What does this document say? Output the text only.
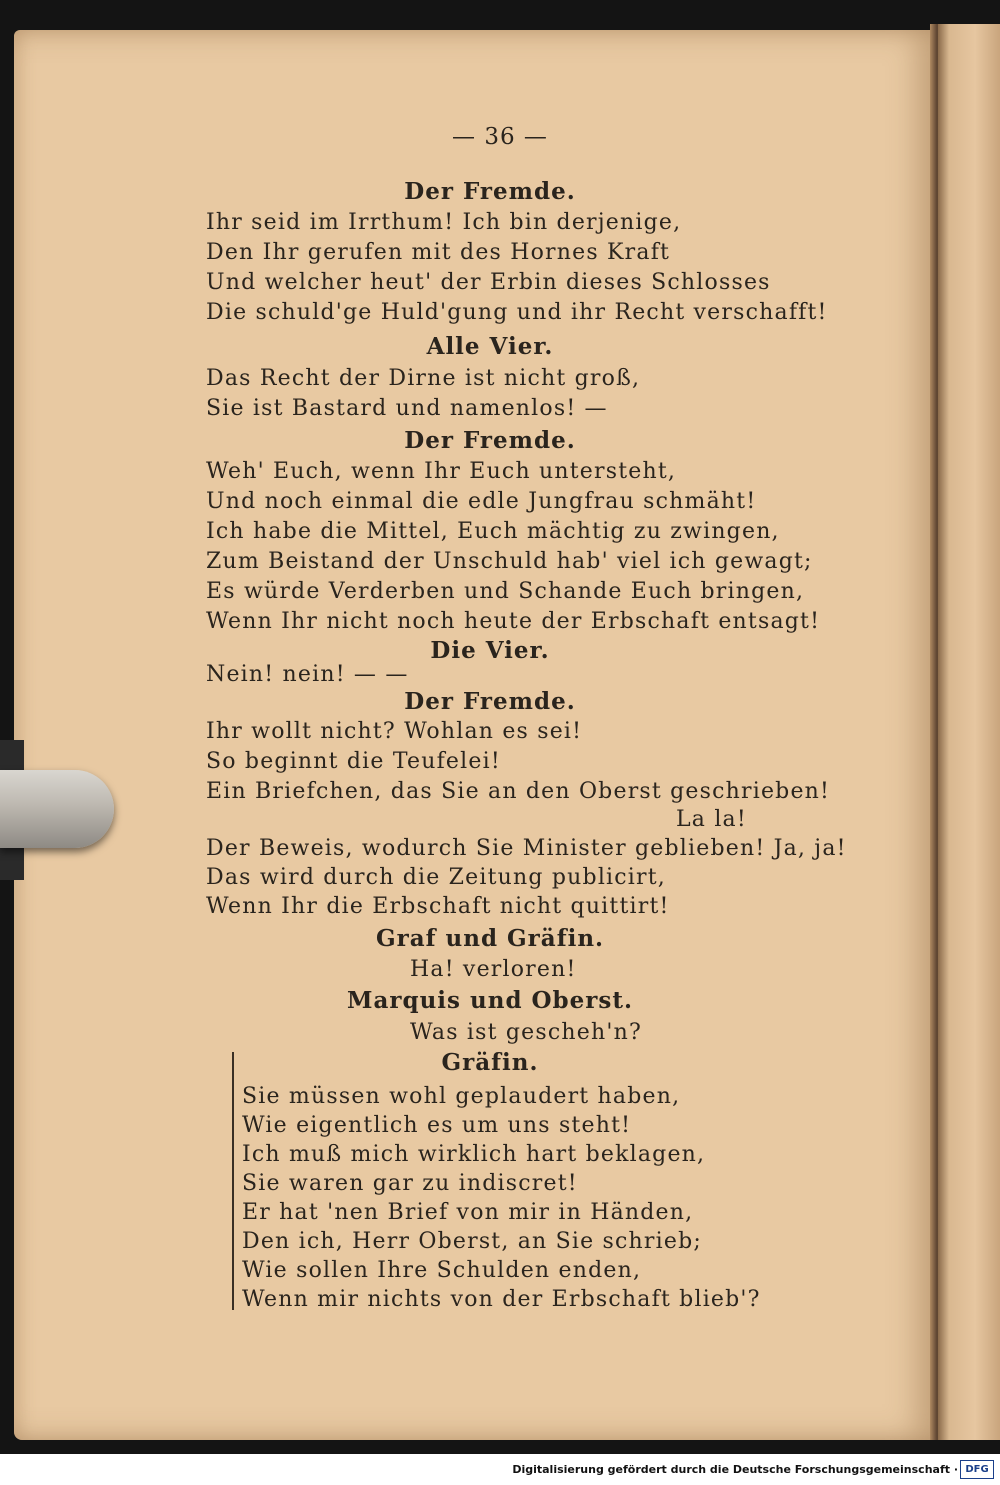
— 36 —
Der Fremde.
Ihr seid im Irrthum! Ich bin derjenige,
Den Ihr gerufen mit des Hornes Kraft
Und welcher heut' der Erbin dieses Schlosses
Die schuld'ge Huld'gung und ihr Recht verschafft!
Alle Vier.
Das Recht der Dirne ist nicht groß,
Sie ist Bastard und namenlos! —
Der Fremde.
Weh' Euch, wenn Ihr Euch untersteht,
Und noch einmal die edle Jungfrau schmäht!
Ich habe die Mittel, Euch mächtig zu zwingen,
Zum Beistand der Unschuld hab' viel ich gewagt;
Es würde Verderben und Schande Euch bringen,
Wenn Ihr nicht noch heute der Erbschaft entsagt!
Die Vier.
Nein! nein! — —
Der Fremde.
Ihr wollt nicht? Wohlan es sei!
So beginnt die Teufelei!
Ein Briefchen, das Sie an den Oberst geschrieben!
La la!
Der Beweis, wodurch Sie Minister geblieben! Ja, ja!
Das wird durch die Zeitung publicirt,
Wenn Ihr die Erbschaft nicht quittirt!
Graf und Gräfin.
Ha! verloren!
Marquis und Oberst.
Was ist gescheh'n?
Gräfin.
Sie müssen wohl geplaudert haben,
Wie eigentlich es um uns steht!
Ich muß mich wirklich hart beklagen,
Sie waren gar zu indiscret!
Er hat 'nen Brief von mir in Händen,
Den ich, Herr Oberst, an Sie schrieb;
Wie sollen Ihre Schulden enden,
Wenn mir nichts von der Erbschaft blieb'?
Digitalisierung gefördert durch die Deutsche Forschungsgemeinschaft · DFG
